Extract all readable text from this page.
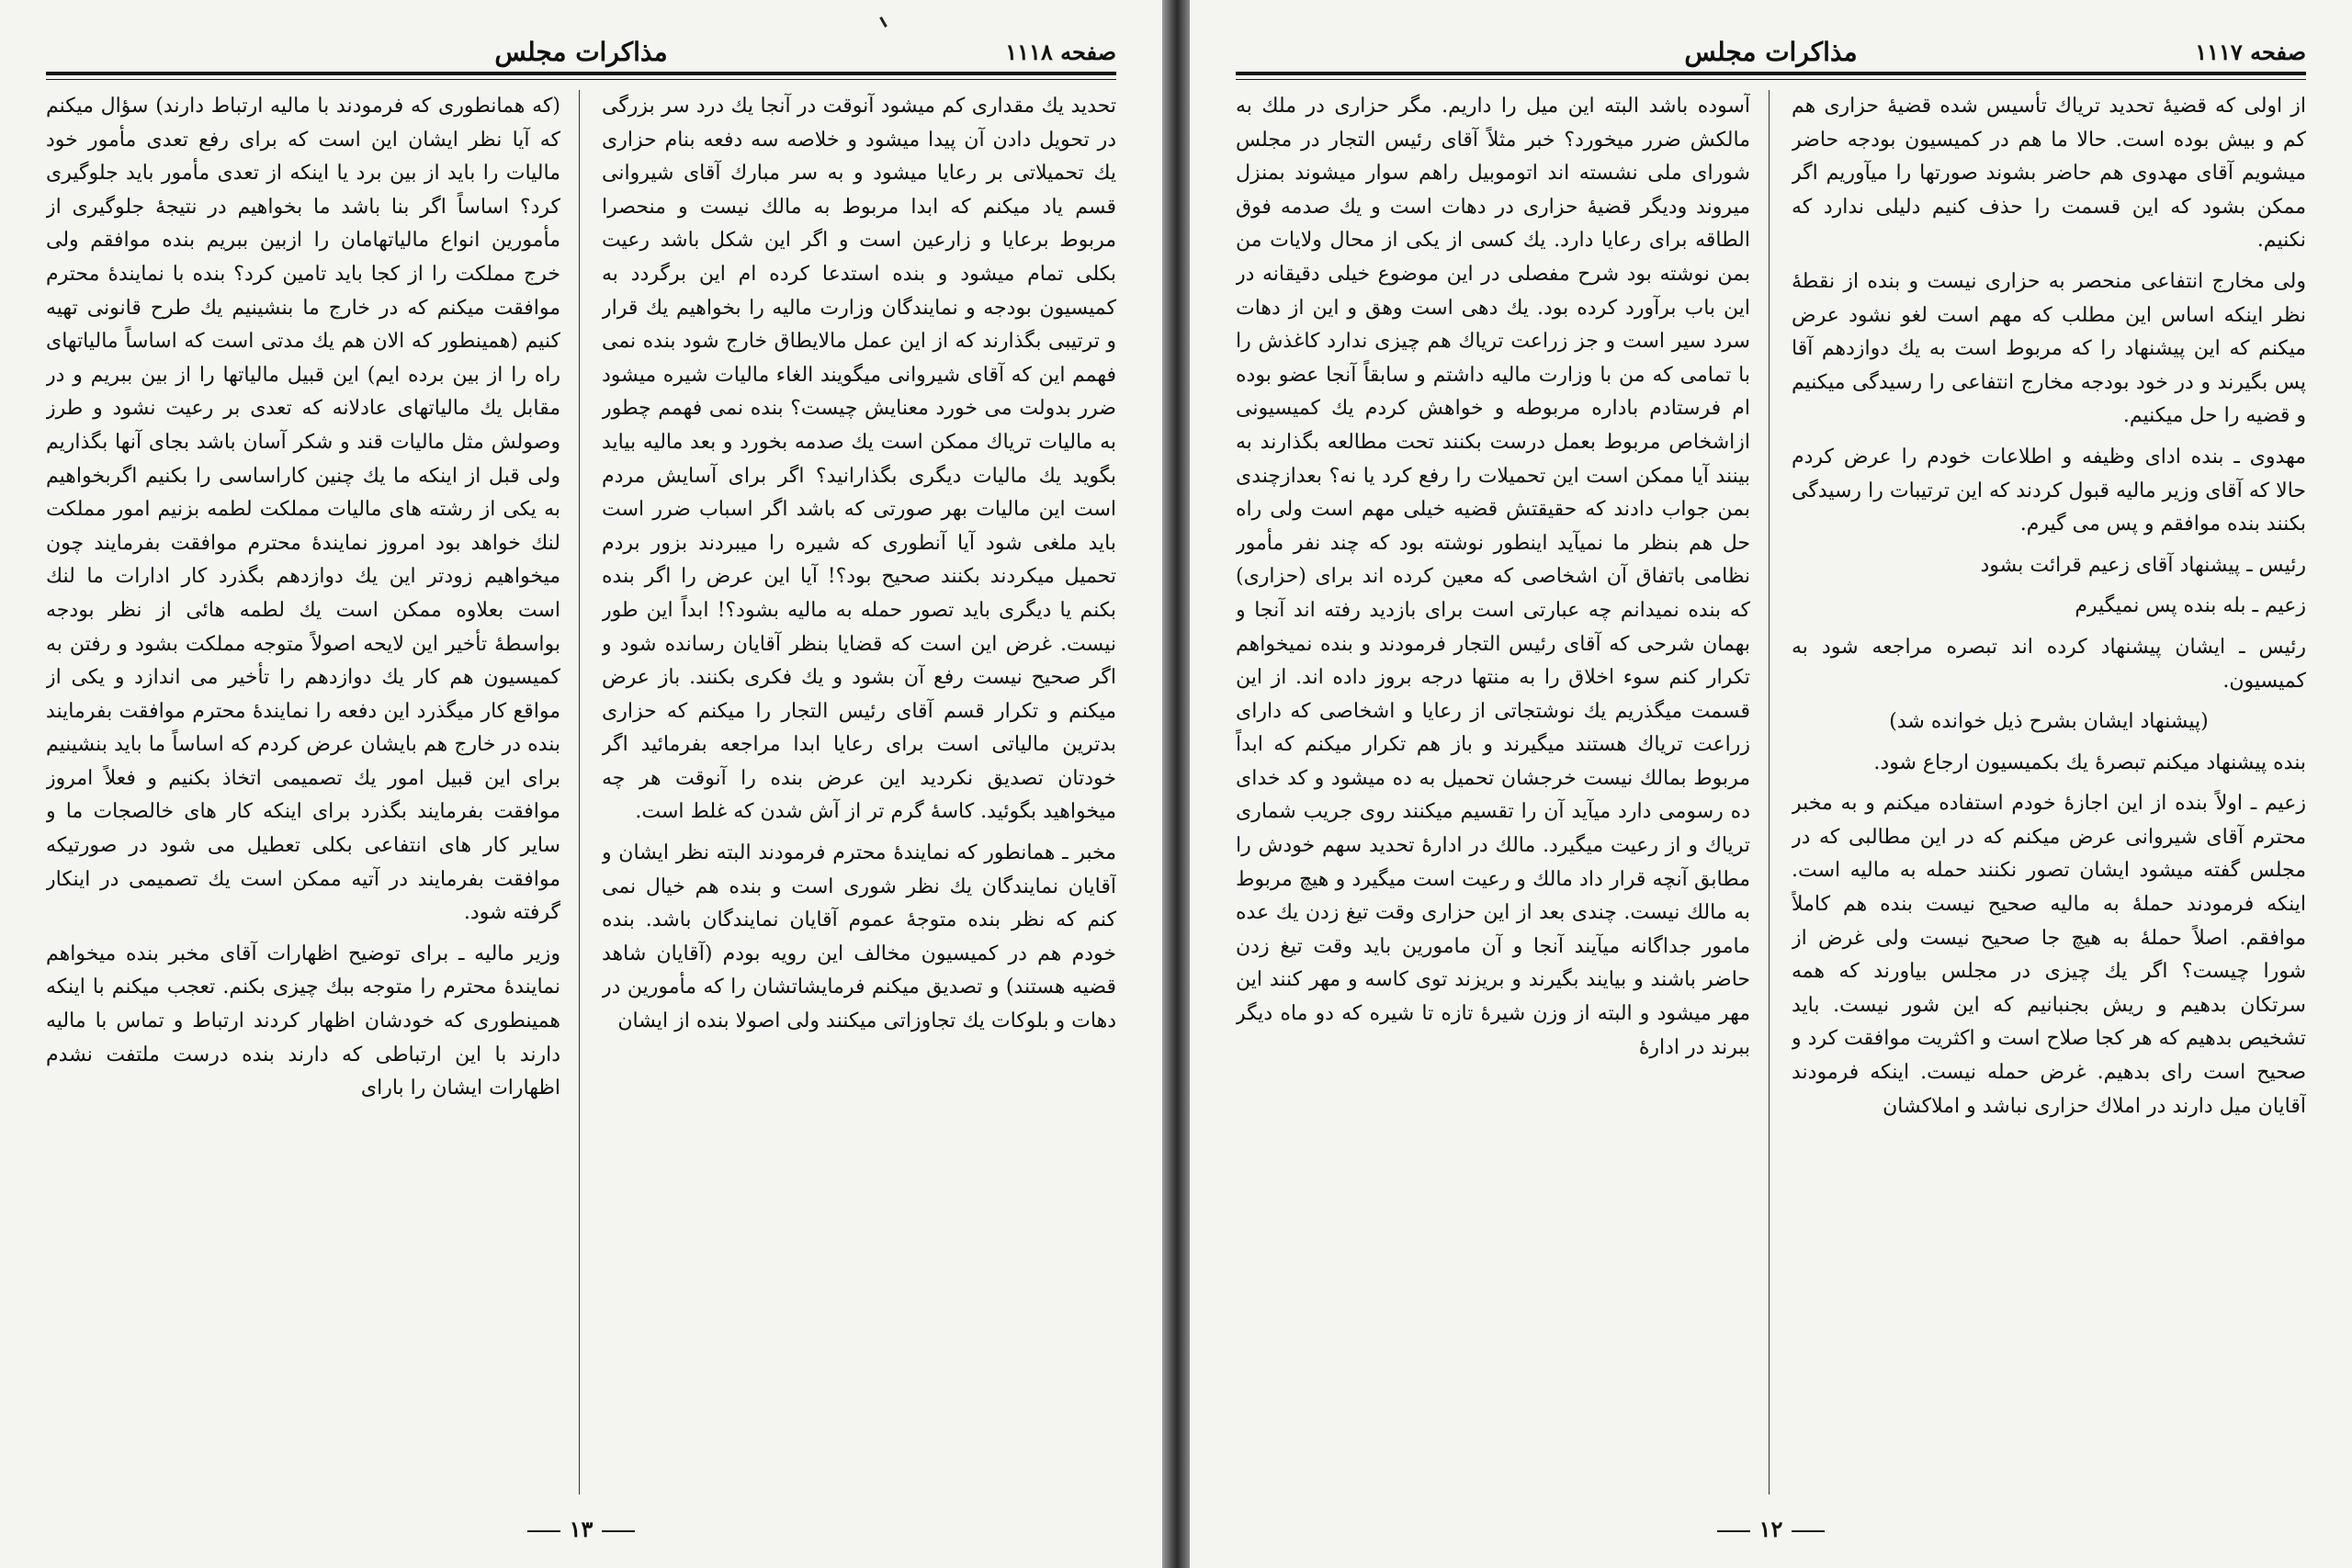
صفحه ۱۱۱۸
مذاکرات مجلس

تحدید یك مقداری کم میشود آنوقت در آنجا یك درد سر بزرگی در تحویل دادن آن پیدا میشود و خلاصه سه دفعه بنام حزاری یك تحمیلاتی بر رعایا میشود و به سر مبارك آقای شیروانی قسم یاد میکنم که ابدا مربوط به مالك نیست و منحصرا مربوط برعایا و زارعین است و اگر این شکل باشد رعیت بکلی تمام میشود و بنده استدعا کرده ام این برگردد به کمیسیون بودجه و نمایندگان وزارت مالیه را بخواهیم یك قرار و ترتیبی بگذارند که از این عمل مالایطاق خارج شود بنده نمی فهمم این که آقای شیروانی میگویند الغاء مالیات شیره میشود ضرر بدولت می خورد معنایش چیست؟ بنده نمی فهمم چطور به مالیات تریاك ممکن است یك صدمه بخورد و بعد مالیه بیاید بگوید یك مالیات دیگری بگذارانید؟ اگر برای آسایش مردم است این مالیات بهر صورتی که باشد اگر اسباب ضرر است باید ملغی شود آیا آنطوری که شیره را میبردند بزور بردم تحمیل میکردند بکنند صحیح بود؟! آیا این عرض را اگر بنده بکنم یا دیگری باید تصور حمله به مالیه بشود؟! ابداً این طور نیست. غرض این است که قضایا بنظر آقایان رسانده شود و اگر صحیح نیست رفع آن بشود و یك فکری بکنند. باز عرض میکنم و تکرار قسم آقای رئیس التجار را میکنم که حزاری بدترین مالیاتی است برای رعایا ابدا مراجعه بفرمائید اگر خودتان تصدیق نکردید این عرض بنده را آنوقت هر چه میخواهید بگوئید. کاسهٔ گرم تر از آش شدن که غلط است.

مخبر ـ همانطور که نمایندهٔ محترم فرمودند البته نظر ایشان و آقایان نمایندگان یك نظر شوری است و بنده هم خیال نمی کنم که نظر بنده متوجهٔ عموم آقایان نمایندگان باشد. بنده خودم هم در کمیسیون مخالف این رویه بودم (آقایان شاهد قضیه هستند) و تصدیق میکنم فرمایشاتشان را که مأمورین در دهات و بلوکات یك تجاوزاتی میکنند ولی اصولا بنده از ایشان

(که همانطوری که فرمودند با مالیه ارتباط دارند) سؤال میکنم که آیا نظر ایشان این است که برای رفع تعدی مأمور خود مالیات را باید از بین برد یا اینکه از تعدی مأمور باید جلوگیری کرد؟ اساساً اگر بنا باشد ما بخواهیم در نتیجهٔ جلوگیری از مأمورین انواع مالیاتهامان را ازبین ببریم بنده موافقم ولی خرج مملکت را از کجا باید تامین کرد؟ بنده با نمایندهٔ محترم موافقت میکنم که در خارج ما بنشینیم یك طرح قانونی تهیه کنیم (همینطور که الان هم یك مدتی است که اساساً مالیاتهای راه را از بین برده ایم) این قبیل مالیاتها را از بین ببریم و در مقابل یك مالیاتهای عادلانه که تعدی بر رعیت نشود و طرز وصولش مثل مالیات قند و شکر آسان باشد بجای آنها بگذاریم ولی قبل از اینکه ما یك چنین کاراساسی را بکنیم اگربخواهیم به یکی از رشته های مالیات مملکت لطمه بزنیم امور مملکت لنك خواهد بود امروز نمایندهٔ محترم موافقت بفرمایند چون میخواهیم زودتر این یك دوازدهم بگذرد کار ادارات ما لنك است بعلاوه ممکن است یك لطمه هائی از نظر بودجه بواسطهٔ تأخیر این لایحه اصولاً متوجه مملکت بشود و رفتن به کمیسیون هم کار یك دوازدهم را تأخیر می اندازد و یکی از مواقع کار میگذرد این دفعه را نمایندهٔ محترم موافقت بفرمایند بنده در خارج هم بایشان عرض کردم که اساساً ما باید بنشینیم برای این قبیل امور یك تصمیمی اتخاذ بکنیم و فعلاً امروز موافقت بفرمایند بگذرد برای اینکه کار های خالصجات ما و سایر کار های انتفاعی بکلی تعطیل می شود در صورتیکه موافقت بفرمایند در آتیه ممکن است یك تصمیمی در اینکار گرفته شود.

وزیر مالیه ـ برای توضیح اظهارات آقای مخبر بنده میخواهم نمایندهٔ محترم را متوجه ببك چیزی بکنم. تعجب میکنم با اینکه همینطوری که خودشان اظهار کردند ارتباط و تماس با مالیه دارند با این ارتباطی که دارند بنده درست ملتفت نشدم اظهارات ایشان را بارای

۱۳
صفحه ۱۱۱۷
مذاکرات مجلس

از اولی که قضیهٔ تحدید تریاك تأسیس شده قضیهٔ حزاری هم کم و بیش بوده است. حالا ما هم در کمیسیون بودجه حاضر میشویم آقای مهدوی هم حاضر بشوند صورتها را میآوریم اگر ممکن بشود که این قسمت را حذف کنیم دلیلی ندارد که نکنیم.

ولی مخارج انتفاعی منحصر به حزاری نیست و بنده از نقطهٔ نظر اینکه اساس این مطلب که مهم است لغو نشود عرض میکنم که این پیشنهاد را که مربوط است به یك دوازدهم آقا پس بگیرند و در خود بودجه مخارج انتفاعی را رسیدگی میکنیم و قضیه را حل میکنیم.

مهدوی ـ بنده ادای وظیفه و اطلاعات خودم را عرض کردم حالا که آقای وزیر مالیه قبول کردند که این ترتیبات را رسیدگی بکنند بنده موافقم و پس می گیرم.

رئیس ـ پیشنهاد آقای زعیم قرائت بشود

زعیم ـ بله بنده پس نمیگیرم

رئیس ـ ایشان پیشنهاد کرده اند تبصره مراجعه شود به کمیسیون.

(پیشنهاد ایشان بشرح ذیل خوانده شد)

بنده پیشنهاد میکنم تبصرهٔ یك بکمیسیون ارجاع شود.

زعیم ـ اولاً بنده از این اجازهٔ خودم استفاده میکنم و به مخبر محترم آقای شیروانی عرض میکنم که در این مطالبی که در مجلس گفته میشود ایشان تصور نکنند حمله به مالیه است. اینکه فرمودند حملهٔ به مالیه صحیح نیست بنده هم کاملاً موافقم. اصلاً حملهٔ به هیچ جا صحیح نیست ولی غرض از شورا چیست؟ اگر یك چیزی در مجلس بیاورند که همه سرتکان بدهیم و ریش بجنبانیم که این شور نیست. باید تشخیص بدهیم که هر کجا صلاح است و اکثریت موافقت کرد و صحیح است رای بدهیم. غرض حمله نیست. اینکه فرمودند آقایان میل دارند در املاك حزاری نباشد و املاکشان

آسوده باشد البته این میل را داریم. مگر حزاری در ملك به مالکش ضرر میخورد؟ خبر مثلاً آقای رئیس التجار در مجلس شورای ملی نشسته اند اتوموبیل راهم سوار میشوند بمنزل میروند ودیگر قضیهٔ حزاری در دهات است و یك صدمه فوق الطاقه برای رعایا دارد. یك کسی از یکی از محال ولایات من بمن نوشته بود شرح مفصلی در این موضوع خیلی دقیقانه در این باب برآورد کرده بود. یك دهی است وهق و این از دهات سرد سیر است و جز زراعت تریاك هم چیزی ندارد کاغذش را با تمامی که من با وزارت مالیه داشتم و سابقاً آنجا عضو بوده ام فرستادم باداره مربوطه و خواهش کردم یك کمیسیونی ازاشخاص مربوط بعمل درست بکنند تحت مطالعه بگذارند به بینند آیا ممکن است این تحمیلات را رفع کرد یا نه؟ بعدازچندی بمن جواب دادند که حقیقتش قضیه خیلی مهم است ولی راه حل هم بنظر ما نمیآید اینطور نوشته بود که چند نفر مأمور نظامی باتفاق آن اشخاصی که معین کرده اند برای (حزاری) که بنده نمیدانم چه عبارتی است برای بازدید رفته اند آنجا و بهمان شرحی که آقای رئیس التجار فرمودند و بنده نمیخواهم تکرار کنم سوء اخلاق را به منتها درجه بروز داده اند. از این قسمت میگذریم یك نوشتجاتی از رعایا و اشخاصی که دارای زراعت تریاك هستند میگیرند و باز هم تکرار میکنم که ابداً مربوط بمالك نیست خرجشان تحمیل به ده میشود و کد خدای ده رسومی دارد میآید آن را تقسیم میکنند روی جریب شماری تریاك و از رعیت میگیرد. مالك در ادارهٔ تحدید سهم خودش را مطابق آنچه قرار داد مالك و رعیت است میگیرد و هیچ مربوط به مالك نیست. چندی بعد از این حزاری وقت تیغ زدن یك عده مامور جداگانه میآیند آنجا و آن مامورین باید وقت تیغ زدن حاضر باشند و بیایند بگیرند و بریزند توی کاسه و مهر کنند این مهر میشود و البته از وزن شیرهٔ تازه تا شیره که دو ماه دیگر ببرند در ادارهٔ

۱۲
